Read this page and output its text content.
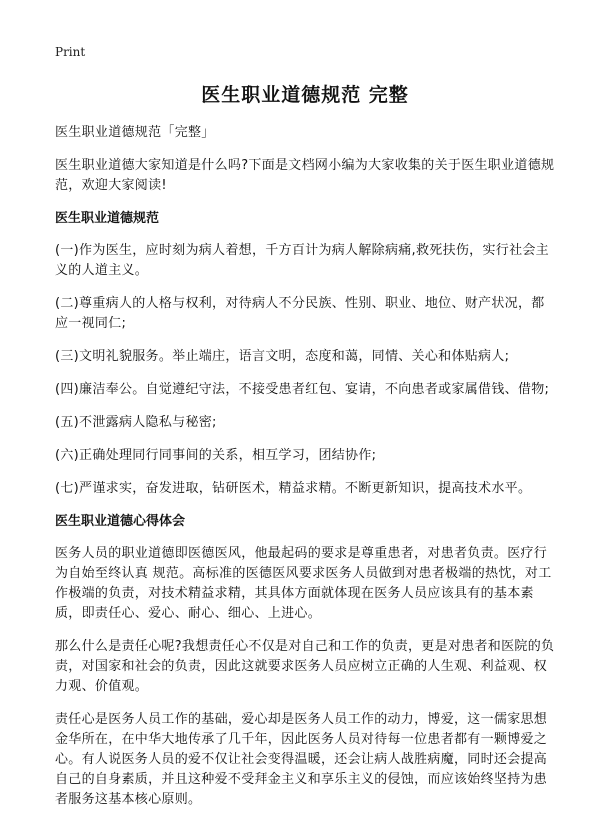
Print
医生职业道德规范 完整
医生职业道德规范「完整」
医生职业道德大家知道是什么吗?下面是文档网小编为大家收集的关于医生职业道德规范，欢迎大家阅读!
医生职业道德规范
(一)作为医生，应时刻为病人着想，千方百计为病人解除病痛,救死扶伤，实行社会主义的人道主义。
(二)尊重病人的人格与权利，对待病人不分民族、性别、职业、地位、财产状况，都应一视同仁;
(三)文明礼貌服务。举止端庄，语言文明，态度和蔼，同情、关心和体贴病人;
(四)廉洁奉公。自觉遵纪守法，不接受患者红包、宴请，不向患者或家属借钱、借物;
(五)不泄露病人隐私与秘密;
(六)正确处理同行同事间的关系，相互学习，团结协作;
(七)严谨求实，奋发进取，钻研医术，精益求精。不断更新知识，提高技术水平。
医生职业道德心得体会
医务人员的职业道德即医德医风，他最起码的要求是尊重患者，对患者负责。医疗行为自始至终认真 规范。高标准的医德医风要求医务人员做到对患者极端的热忱，对工作极端的负责，对技术精益求精，其具体方面就体现在医务人员应该具有的基本素质，即责任心、爱心、耐心、细心、上进心。
那么什么是责任心呢?我想责任心不仅是对自己和工作的负责，更是对患者和医院的负责，对国家和社会的负责，因此这就要求医务人员应树立正确的人生观、利益观、权力观、价值观。
责任心是医务人员工作的基础，爱心却是医务人员工作的动力，博爱，这一儒家思想金华所在，在中华大地传承了几千年，因此医务人员对待每一位患者都有一颗博爱之心。有人说医务人员的爱不仅让社会变得温暖，还会让病人战胜病魔，同时还会提高自己的自身素质，并且这种爱不受拜金主义和享乐主义的侵蚀，而应该始终坚持为患者服务这基本核心原则。
